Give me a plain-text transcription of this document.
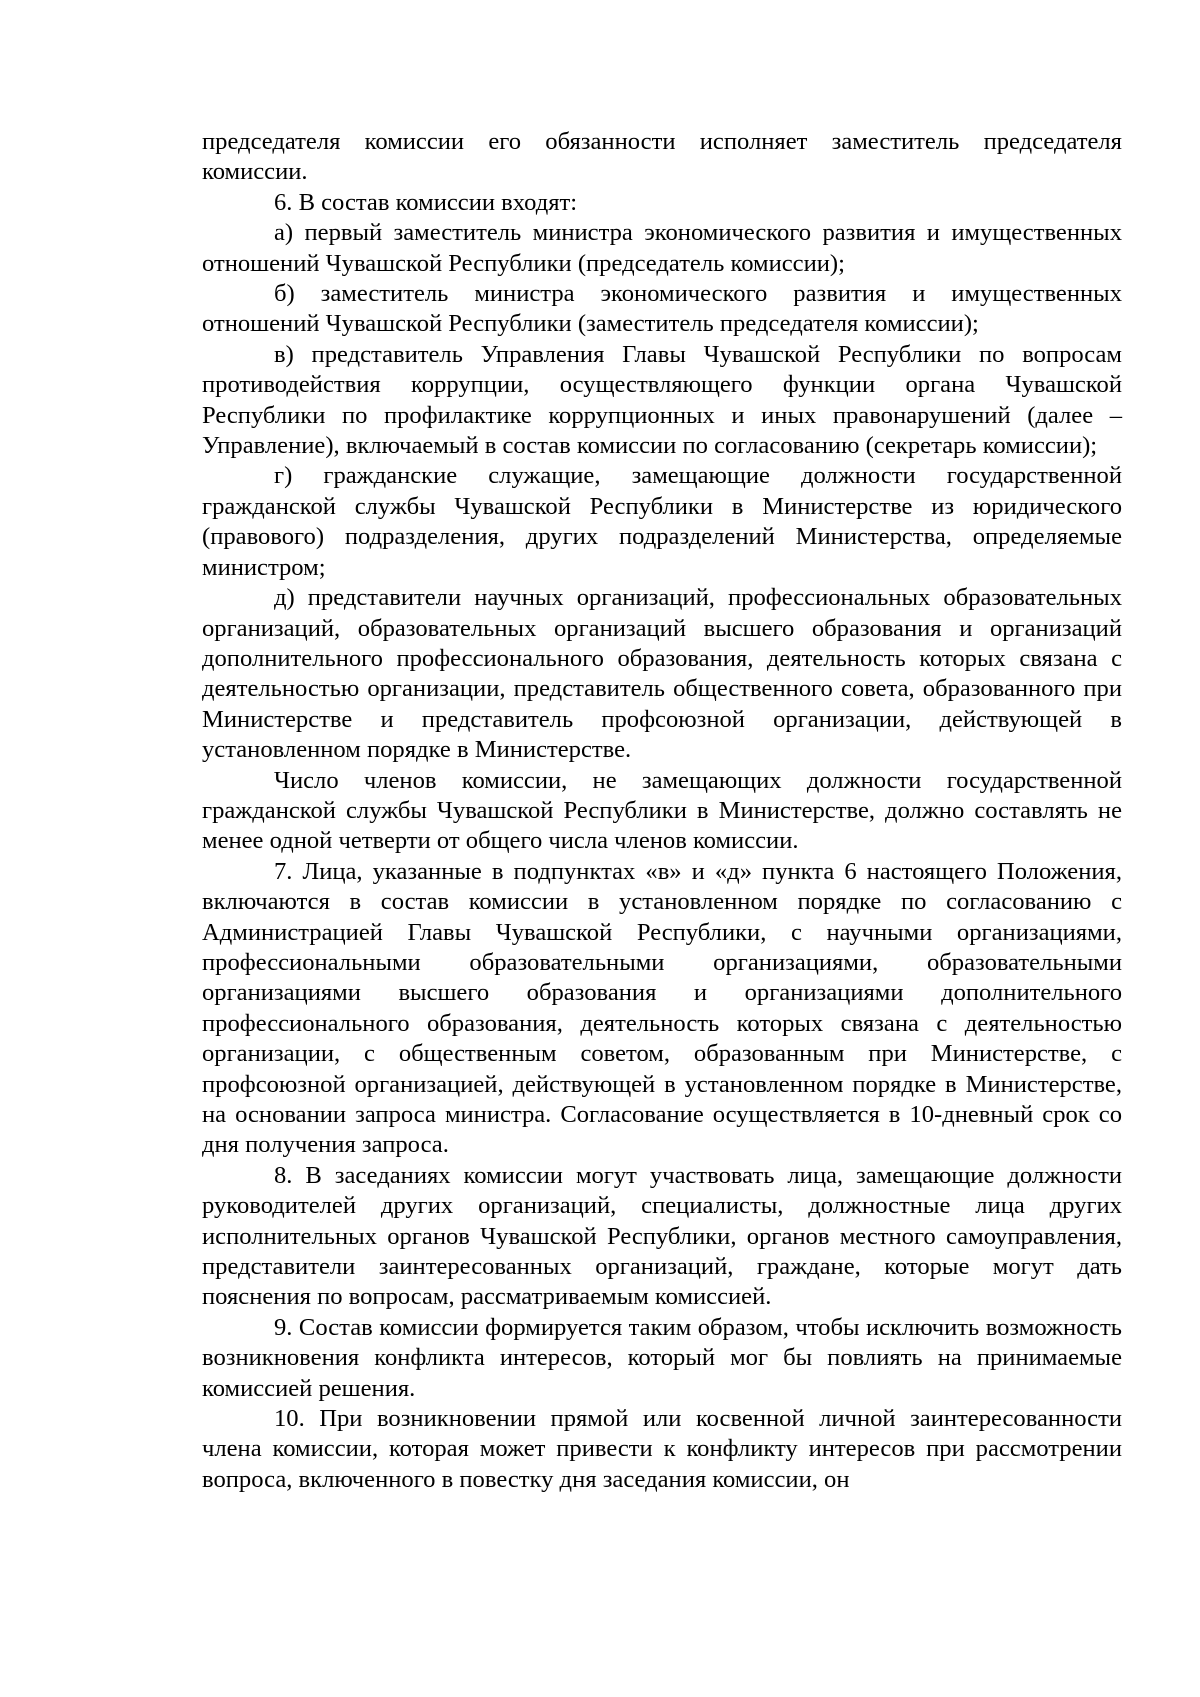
председателя комиссии его обязанности исполняет заместитель председателя комиссии.

6. В состав комиссии входят:

а) первый заместитель министра экономического развития и имущественных отношений Чувашской Республики (председатель комиссии);

б) заместитель министра экономического развития и имущественных отношений Чувашской Республики (заместитель председателя комиссии);

в) представитель Управления Главы Чувашской Республики по вопросам противодействия коррупции, осуществляющего функции органа Чувашской Республики по профилактике коррупционных и иных правонарушений (далее – Управление), включаемый в состав комиссии по согласованию (секретарь комиссии);

г) гражданские служащие, замещающие должности государственной гражданской службы Чувашской Республики в Министерстве из юридического (правового) подразделения, других подразделений Министерства, определяемые министром;

д) представители научных организаций, профессиональных образовательных организаций, образовательных организаций высшего образования и организаций дополнительного профессионального образования, деятельность которых связана с деятельностью организации, представитель общественного совета, образованного при Министерстве и представитель профсоюзной организации, действующей в установленном порядке в Министерстве.

Число членов комиссии, не замещающих должности государственной гражданской службы Чувашской Республики в Министерстве, должно составлять не менее одной четверти от общего числа членов комиссии.

7. Лица, указанные в подпунктах «в» и «д» пункта 6 настоящего Положения, включаются в состав комиссии в установленном порядке по согласованию с Администрацией Главы Чувашской Республики, с научными организациями, профессиональными образовательными организациями, образовательными организациями высшего образования и организациями дополнительного профессионального образования, деятельность которых связана с деятельностью организации, с общественным советом, образованным при Министерстве, с профсоюзной организацией, действующей в установленном порядке в Министерстве, на основании запроса министра. Согласование осуществляется в 10-дневный срок со дня получения запроса.

8. В заседаниях комиссии могут участвовать лица, замещающие должности руководителей других организаций, специалисты, должностные лица других исполнительных органов Чувашской Республики, органов местного самоуправления, представители заинтересованных организаций, граждане, которые могут дать пояснения по вопросам, рассматриваемым комиссией.

9. Состав комиссии формируется таким образом, чтобы исключить возможность возникновения конфликта интересов, который мог бы повлиять на принимаемые комиссией решения.

10. При возникновении прямой или косвенной личной заинтересованности члена комиссии, которая может привести к конфликту интересов при рассмотрении вопроса, включенного в повестку дня заседания комиссии, он
